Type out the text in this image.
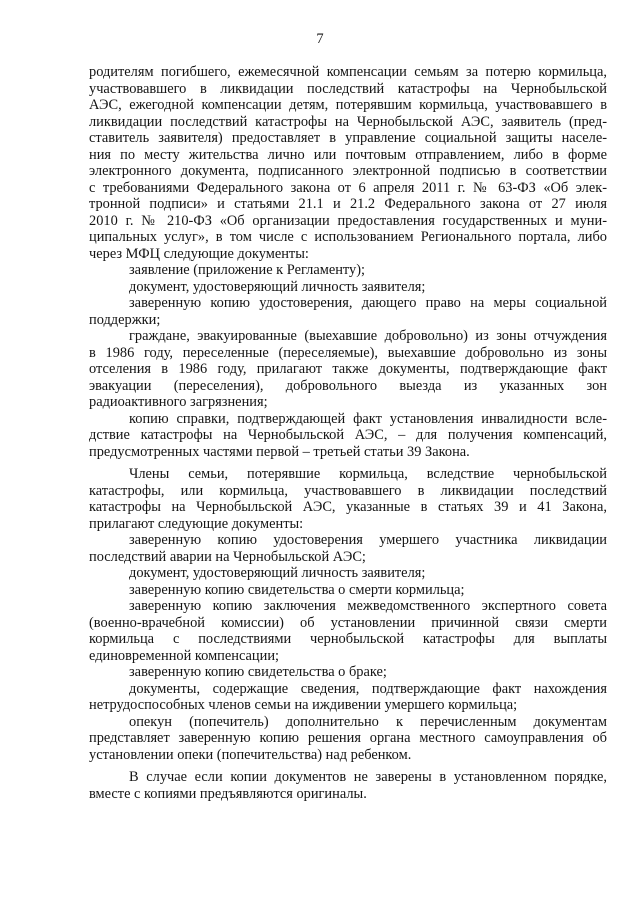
7
родителям погибшего, ежемесячной компенсации семьям за потерю кормильца,
участвовавшего в ликвидации последствий катастрофы на Чернобыльской
АЭС, ежегодной компенсации детям, потерявшим кормильца, участвовавшего в
ликвидации последствий катастрофы на Чернобыльской АЭС, заявитель (пред-
ставитель заявителя) предоставляет в управление социальной защиты населе-
ния по месту жительства лично или почтовым отправлением, либо в форме
электронного документа, подписанного электронной подписью в соответствии
с требованиями Федерального закона от 6 апреля 2011 г. № 63-ФЗ «Об элек-
тронной подписи» и статьями 21.1 и 21.2 Федерального закона от 27 июля
2010 г. № 210-ФЗ «Об организации предоставления государственных и муни-
ципальных услуг», в том числе с использованием Регионального портала, либо
через МФЦ следующие документы:
заявление (приложение к Регламенту);
документ, удостоверяющий личность заявителя;
заверенную копию удостоверения, дающего право на меры социальной
поддержки;
граждане, эвакуированные (выехавшие добровольно) из зоны отчуждения
в 1986 году, переселенные (переселяемые), выехавшие добровольно из зоны
отселения в 1986 году, прилагают также документы, подтверждающие факт
эвакуации (переселения), добровольного выезда из указанных зон
радиоактивного загрязнения;
копию справки, подтверждающей факт установления инвалидности всле-
дствие катастрофы на Чернобыльской АЭС, – для получения компенсаций,
предусмотренных частями первой – третьей статьи 39 Закона.
Члены семьи, потерявшие кормильца, вследствие чернобыльской
катастрофы, или кормильца, участвовавшего в ликвидации последствий
катастрофы на Чернобыльской АЭС, указанные в статьях 39 и 41 Закона,
прилагают следующие документы:
заверенную копию удостоверения умершего участника ликвидации
последствий аварии на Чернобыльской АЭС;
документ, удостоверяющий личность заявителя;
заверенную копию свидетельства о смерти кормильца;
заверенную копию заключения межведомственного экспертного совета
(военно-врачебной комиссии) об установлении причинной связи смерти
кормильца с последствиями чернобыльской катастрофы для выплаты
единовременной компенсации;
заверенную копию свидетельства о браке;
документы, содержащие сведения, подтверждающие факт нахождения
нетрудоспособных членов семьи на иждивении умершего кормильца;
опекун (попечитель) дополнительно к перечисленным документам
представляет заверенную копию решения органа местного самоуправления об
установлении опеки (попечительства) над ребенком.
В случае если копии документов не заверены в установленном порядке,
вместе с копиями предъявляются оригиналы.
